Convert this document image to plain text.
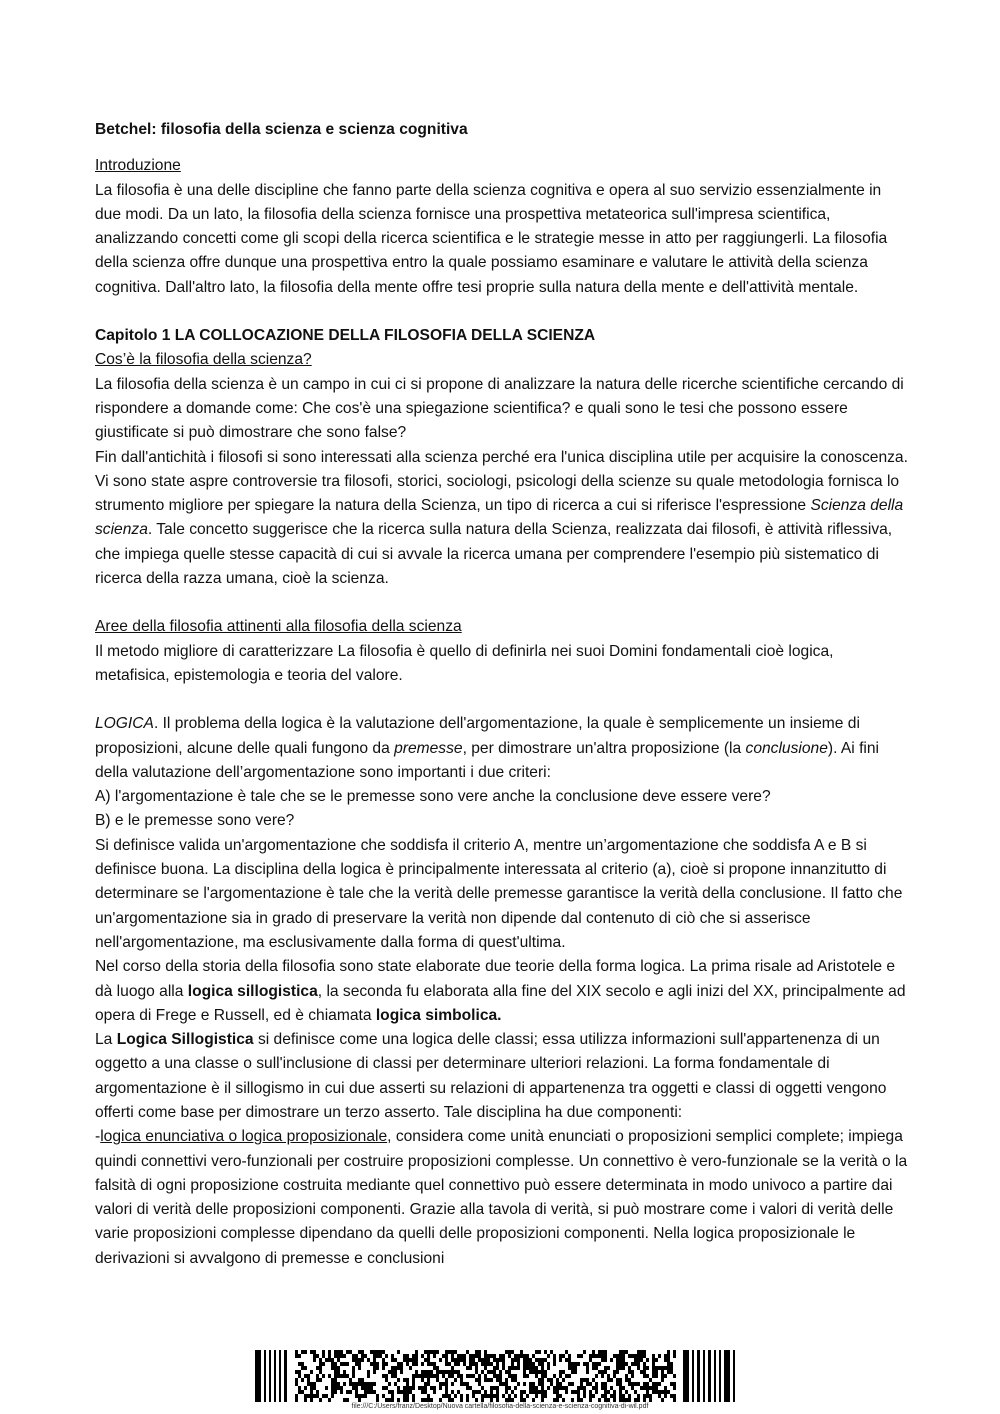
Betchel: filosofia della scienza e scienza cognitiva

Introduzione

La filosofia è una delle discipline che fanno parte della scienza cognitiva e opera al suo servizio essenzialmente in due modi. Da un lato, la filosofia della scienza fornisce una prospettiva metateorica sull'impresa scientifica, analizzando concetti come gli scopi della ricerca scientifica e le strategie messe in atto per raggiungerli. La filosofia della scienza offre dunque una prospettiva entro la quale possiamo esaminare e valutare le attività della scienza cognitiva. Dall'altro lato, la filosofia della mente offre tesi proprie sulla natura della mente e dell'attività mentale.

Capitolo 1 LA COLLOCAZIONE DELLA FILOSOFIA DELLA SCIENZA

Cos’è la filosofia della scienza?

La filosofia della scienza è un campo in cui ci si propone di analizzare la natura delle ricerche scientifiche cercando di rispondere a domande come: Che cos'è una spiegazione scientifica? e quali sono le tesi che possono essere giustificate si può dimostrare che sono false?

Fin dall'antichità i filosofi si sono interessati alla scienza perché era l'unica disciplina utile per acquisire la conoscenza. Vi sono state aspre controversie tra filosofi, storici, sociologi, psicologi della scienze su quale metodologia fornisca lo strumento migliore per spiegare la natura della Scienza, un tipo di ricerca a cui si riferisce l'espressione Scienza della scienza. Tale concetto suggerisce che la ricerca sulla natura della Scienza, realizzata dai filosofi, è attività riflessiva, che impiega quelle stesse capacità di cui si avvale la ricerca umana per comprendere l'esempio più sistematico di ricerca della razza umana, cioè la scienza.

Aree della filosofia attinenti alla filosofia della scienza

Il metodo migliore di caratterizzare La filosofia è quello di definirla nei suoi Domini fondamentali cioè logica, metafisica, epistemologia e teoria del valore.

LOGICA. Il problema della logica è la valutazione dell'argomentazione, la quale è semplicemente un insieme di proposizioni, alcune delle quali fungono da premesse, per dimostrare un'altra proposizione (la conclusione). Ai fini della valutazione dell’argomentazione sono importanti i due criteri:

A) l'argomentazione è tale che se le premesse sono vere anche la conclusione deve essere vere?

B) e le premesse sono vere?

Si definisce valida un'argomentazione che soddisfa il criterio A, mentre un’argomentazione che soddisfa A e B si definisce buona. La disciplina della logica è principalmente interessata al criterio (a), cioè si propone innanzitutto di determinare se l'argomentazione è tale che la verità delle premesse garantisce la verità della conclusione. Il fatto che un'argomentazione sia in grado di preservare la verità non dipende dal contenuto di ciò che si asserisce nell'argomentazione, ma esclusivamente dalla forma di quest'ultima.

Nel corso della storia della filosofia sono state elaborate due teorie della forma logica. La prima risale ad Aristotele e dà luogo alla logica sillogistica, la seconda fu elaborata alla fine del XIX secolo e agli inizi del XX, principalmente ad opera di Frege e Russell, ed è chiamata logica simbolica.

La Logica Sillogistica si definisce come una logica delle classi; essa utilizza informazioni sull'appartenenza di un oggetto a una classe o sull'inclusione di classi per determinare ulteriori relazioni. La forma fondamentale di argomentazione è il sillogismo in cui due asserti su relazioni di appartenenza tra oggetti e classi di oggetti vengono offerti come base per dimostrare un terzo asserto. Tale disciplina ha due componenti:

-logica enunciativa o logica proposizionale, considera come unità enunciati o proposizioni semplici complete; impiega quindi connettivi vero-funzionali per costruire proposizioni complesse. Un connettivo è vero-funzionale se la verità o la falsità di ogni proposizione costruita mediante quel connettivo può essere determinata in modo univoco a partire dai valori di verità delle proposizioni componenti. Grazie alla tavola di verità, si può mostrare come i valori di verità delle varie proposizioni complesse dipendano da quelli delle proposizioni componenti. Nella logica proposizionale le derivazioni si avvalgono di premesse e conclusioni

file:///C:/Users/franz/Desktop/Nuova cartella/filosofia-della-scienza-e-scienza-cognitiva-di-wil.pdf
